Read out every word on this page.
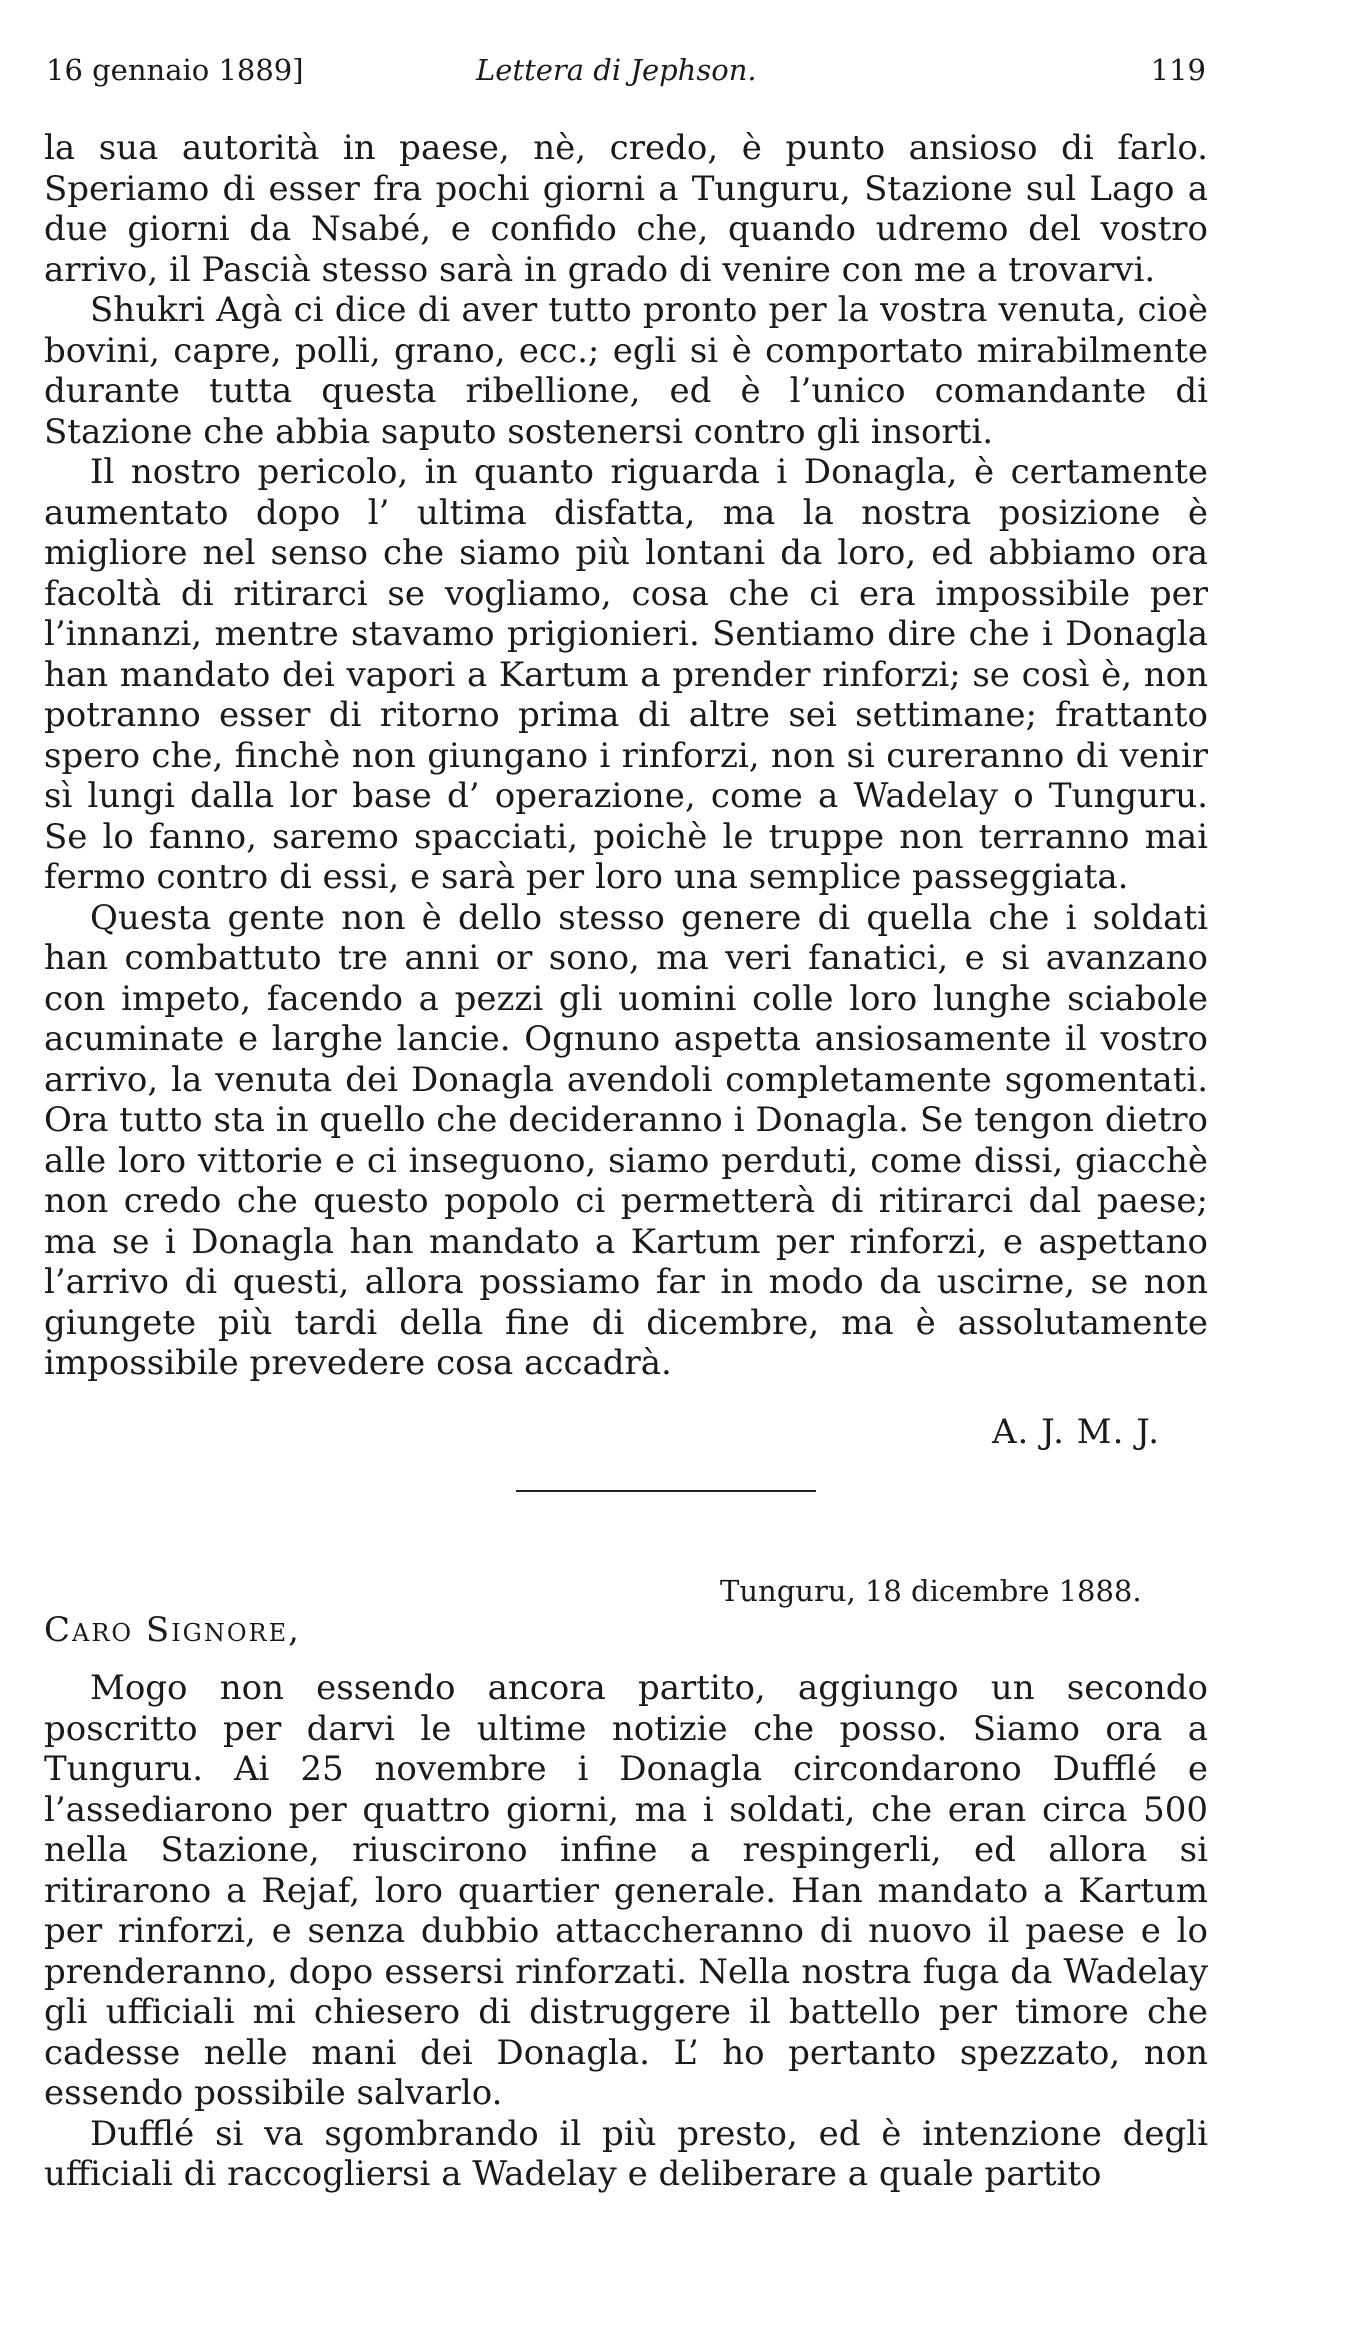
16 gennaio 1889]	Lettera di Jephson.	119

la sua autorità in paese, nè, credo, è punto ansioso di farlo. Speriamo di esser fra pochi giorni a Tunguru, Stazione sul Lago a due giorni da Nsabé, e confido che, quando udremo del vostro arrivo, il Pascià stesso sarà in grado di venire con me a trovarvi.

Shukri Agà ci dice di aver tutto pronto per la vostra venuta, cioè bovini, capre, polli, grano, ecc.; egli si è comportato mirabilmente durante tutta questa ribellione, ed è l’unico comandante di Stazione che abbia saputo sostenersi contro gli insorti.

Il nostro pericolo, in quanto riguarda i Donagla, è certamente aumentato dopo l’ ultima disfatta, ma la nostra posizione è migliore nel senso che siamo più lontani da loro, ed abbiamo ora facoltà di ritirarci se vogliamo, cosa che ci era impossibile per l’innanzi, mentre stavamo prigionieri. Sentiamo dire che i Donagla han mandato dei vapori a Kartum a prender rinforzi; se così è, non potranno esser di ritorno prima di altre sei settimane; frattanto spero che, finchè non giungano i rinforzi, non si cureranno di venir sì lungi dalla lor base d’ operazione, come a Wadelay o Tunguru. Se lo fanno, saremo spacciati, poichè le truppe non terranno mai fermo contro di essi, e sarà per loro una semplice passeggiata.

Questa gente non è dello stesso genere di quella che i soldati han combattuto tre anni or sono, ma veri fanatici, e si avanzano con impeto, facendo a pezzi gli uomini colle loro lunghe sciabole acuminate e larghe lancie. Ognuno aspetta ansiosamente il vostro arrivo, la venuta dei Donagla avendoli completamente sgomentati. Ora tutto sta in quello che decideranno i Donagla. Se tengon dietro alle loro vittorie e ci inseguono, siamo perduti, come dissi, giacchè non credo che questo popolo ci permetterà di ritirarci dal paese; ma se i Donagla han mandato a Kartum per rinforzi, e aspettano l’arrivo di questi, allora possiamo far in modo da uscirne, se non giungete più tardi della fine di dicembre, ma è assolutamente impossibile prevedere cosa accadrà.

A. J. M. J.
Tunguru, 18 dicembre 1888.
Caro Signore,

Mogo non essendo ancora partito, aggiungo un secondo poscritto per darvi le ultime notizie che posso. Siamo ora a Tunguru. Ai 25 novembre i Donagla circondarono Dufflé e l’assediarono per quattro giorni, ma i soldati, che eran circa 500 nella Stazione, riuscirono infine a respingerli, ed allora si ritirarono a Rejaf, loro quartier generale. Han mandato a Kartum per rinforzi, e senza dubbio attaccheranno di nuovo il paese e lo prenderanno, dopo essersi rinforzati. Nella nostra fuga da Wadelay gli ufficiali mi chiesero di distruggere il battello per timore che cadesse nelle mani dei Donagla. L’ ho pertanto spezzato, non essendo possibile salvarlo.

Dufflé si va sgombrando il più presto, ed è intenzione degli ufficiali di raccogliersi a Wadelay e deliberare a quale partito
